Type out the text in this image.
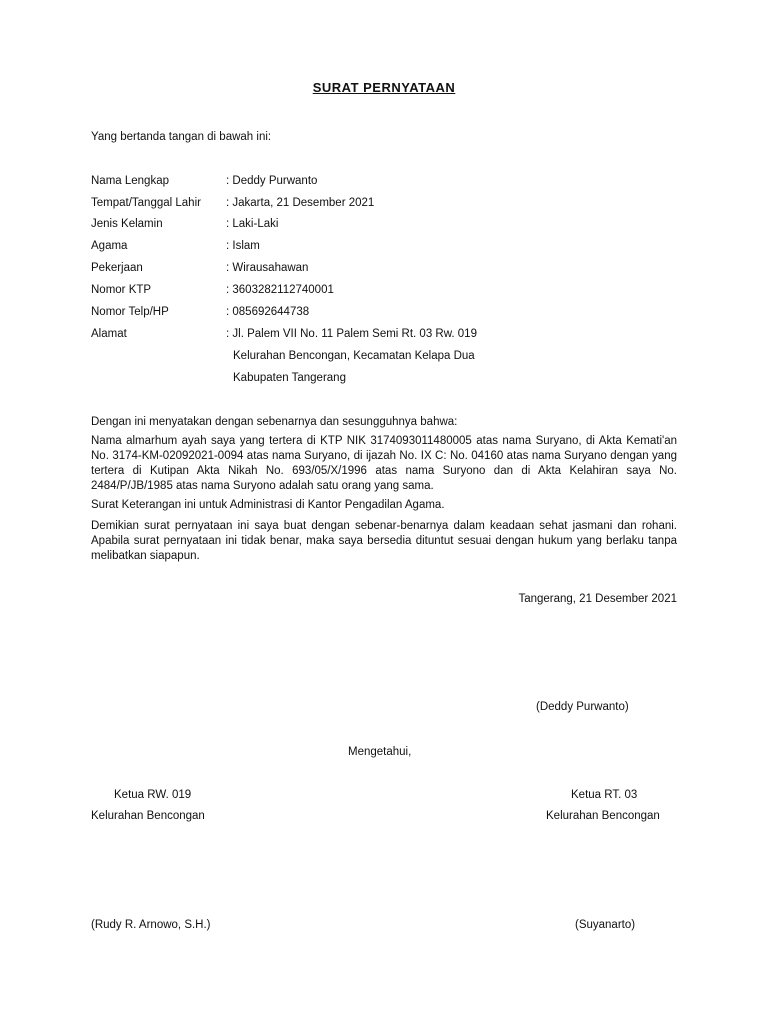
SURAT PERNYATAAN
Yang bertanda tangan di bawah ini:
Nama Lengkap	: Deddy Purwanto
Tempat/Tanggal Lahir : Jakarta, 21 Desember 2021
Jenis Kelamin	: Laki-Laki
Agama	: Islam
Pekerjaan	: Wirausahawan
Nomor KTP	: 3603282112740001
Nomor Telp/HP	: 085692644738
Alamat	: Jl. Palem VII No. 11 Palem Semi Rt. 03 Rw. 019
Kelurahan Bencongan, Kecamatan Kelapa Dua
Kabupaten Tangerang
Dengan ini menyatakan dengan sebenarnya dan sesungguhnya bahwa:
Nama almarhum ayah saya yang tertera di KTP NIK 3174093011480005 atas nama Suryano, di Akta Kemati'an No. 3174-KM-02092021-0094 atas nama Suryano, di ijazah No. IX C: No. 04160 atas nama Suryano dengan yang tertera di Kutipan Akta Nikah No. 693/05/X/1996 atas nama Suryono dan di Akta Kelahiran saya No. 2484/P/JB/1985 atas nama Suryono adalah satu orang yang sama.
Surat Keterangan ini untuk Administrasi di Kantor Pengadilan Agama.
Demikian surat pernyataan ini saya buat dengan sebenar-benarnya dalam keadaan sehat jasmani dan rohani. Apabila surat pernyataan ini tidak benar, maka saya bersedia dituntut sesuai dengan hukum yang berlaku tanpa melibatkan siapapun.
Tangerang, 21 Desember 2021
(Deddy Purwanto)
Mengetahui,
Ketua RW. 019
Kelurahan Bencongan
(Rudy R. Arnowo, S.H.)
Ketua RT. 03
Kelurahan Bencongan
(Suyanarto)
